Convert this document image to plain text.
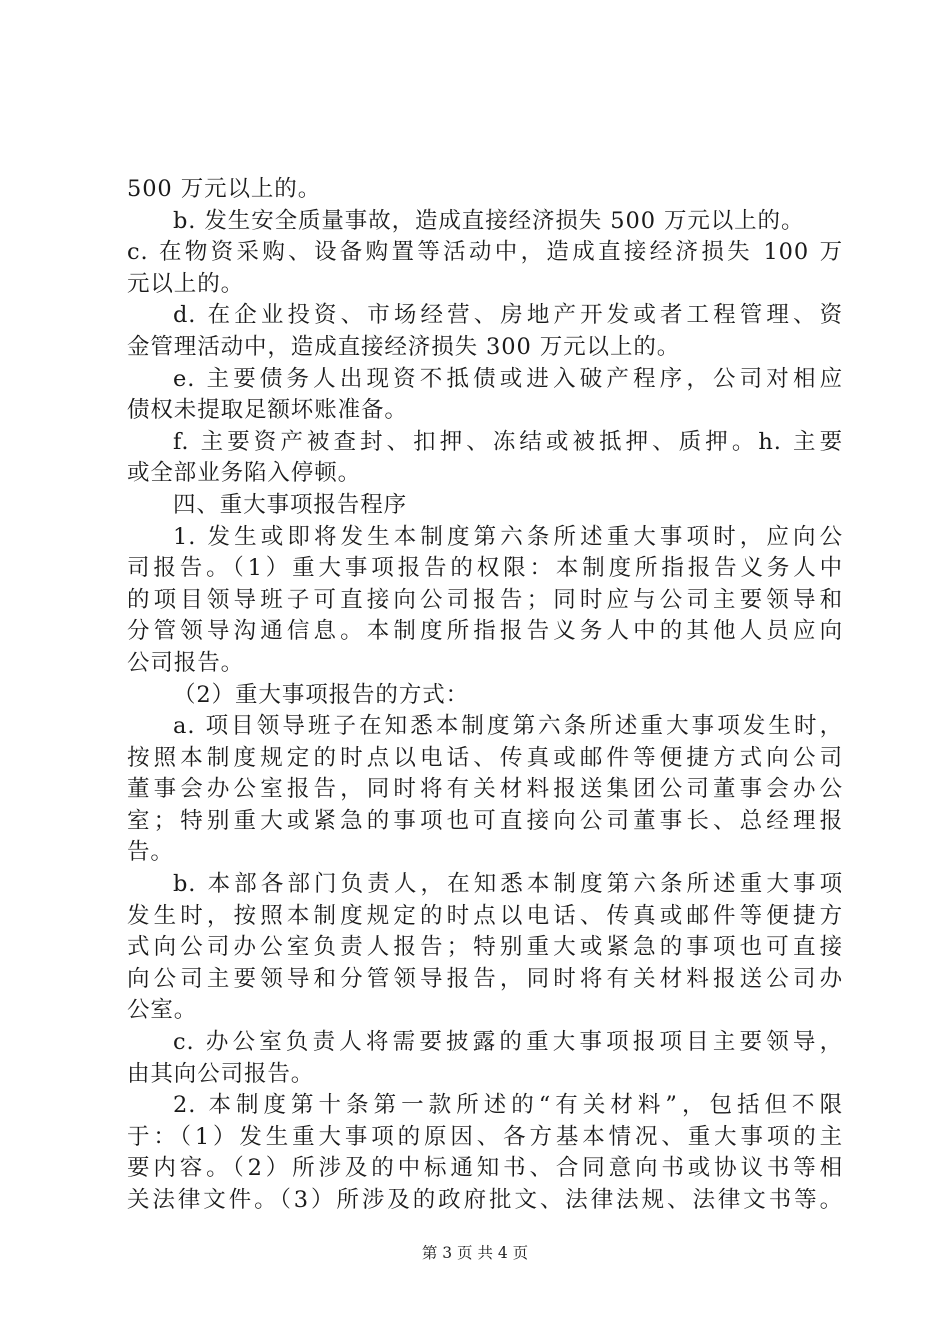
500 万元以上的。
b. 发生安全质量事故，造成直接经济损失 500 万元以上的。
c. 在物资采购、设备购置等活动中，造成直接经济损失 100 万
元以上的。
d. 在企业投资、市场经营、房地产开发或者工程管理、资
金管理活动中，造成直接经济损失 300 万元以上的。
e. 主要债务人出现资不抵债或进入破产程序，公司对相应
债权未提取足额坏账准备。
f. 主要资产被查封、扣押、冻结或被抵押、质押。h. 主要
或全部业务陷入停顿。
四、重大事项报告程序
1. 发生或即将发生本制度第六条所述重大事项时，应向公
司报告。（1）重大事项报告的权限：本制度所指报告义务人中
的项目领导班子可直接向公司报告；同时应与公司主要领导和
分管领导沟通信息。本制度所指报告义务人中的其他人员应向
公司报告。
（2）重大事项报告的方式：
a. 项目领导班子在知悉本制度第六条所述重大事项发生时，
按照本制度规定的时点以电话、传真或邮件等便捷方式向公司
董事会办公室报告，同时将有关材料报送集团公司董事会办公
室；特别重大或紧急的事项也可直接向公司董事长、总经理报
告。
b. 本部各部门负责人，在知悉本制度第六条所述重大事项
发生时，按照本制度规定的时点以电话、传真或邮件等便捷方
式向公司办公室负责人报告；特别重大或紧急的事项也可直接
向公司主要领导和分管领导报告，同时将有关材料报送公司办
公室。
c. 办公室负责人将需要披露的重大事项报项目主要领导，
由其向公司报告。
2. 本制度第十条第一款所述的“有关材料”，包括但不限
于：（1）发生重大事项的原因、各方基本情况、重大事项的主
要内容。（2）所涉及的中标通知书、合同意向书或协议书等相
关法律文件。（3）所涉及的政府批文、法律法规、法律文书等。
第 3 页 共 4 页
